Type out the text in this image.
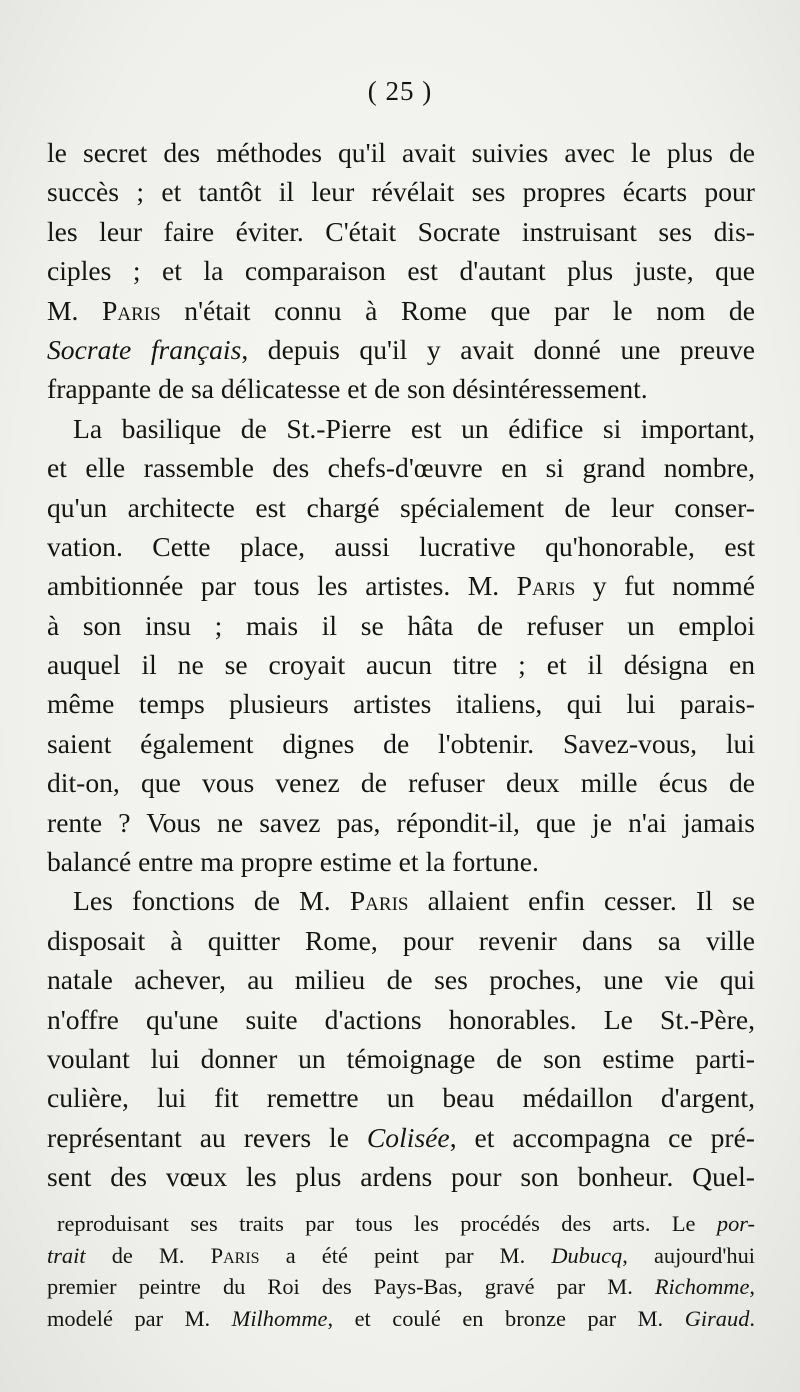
( 25 )
le secret des méthodes qu'il avait suivies avec le plus de
succès ; et tantôt il leur révélait ses propres écarts pour
les leur faire éviter. C'était Socrate instruisant ses dis-
ciples ; et la comparaison est d'autant plus juste, que
M. Paris n'était connu à Rome que par le nom de
Socrate français, depuis qu'il y avait donné une preuve
frappante de sa délicatesse et de son désintéressement.
La basilique de St.-Pierre est un édifice si important,
et elle rassemble des chefs-d'œuvre en si grand nombre,
qu'un architecte est chargé spécialement de leur conser-
vation. Cette place, aussi lucrative qu'honorable, est
ambitionnée par tous les artistes. M. Paris y fut nommé
à son insu ; mais il se hâta de refuser un emploi
auquel il ne se croyait aucun titre ; et il désigna en
même temps plusieurs artistes italiens, qui lui parais-
saient également dignes de l'obtenir. Savez-vous, lui
dit-on, que vous venez de refuser deux mille écus de
rente ? Vous ne savez pas, répondit-il, que je n'ai jamais
balancé entre ma propre estime et la fortune.
Les fonctions de M. Paris allaient enfin cesser. Il se
disposait à quitter Rome, pour revenir dans sa ville
natale achever, au milieu de ses proches, une vie qui
n'offre qu'une suite d'actions honorables. Le St.-Père,
voulant lui donner un témoignage de son estime parti-
culière, lui fit remettre un beau médaillon d'argent,
représentant au revers le Colisée, et accompagna ce pré-
sent des vœux les plus ardens pour son bonheur. Quel-
reproduisant ses traits par tous les procédés des arts. Le por-
trait de M. Paris a été peint par M. Dubucq, aujourd'hui
premier peintre du Roi des Pays-Bas, gravé par M. Richomme,
modelé par M. Milhomme, et coulé en bronze par M. Giraud.
